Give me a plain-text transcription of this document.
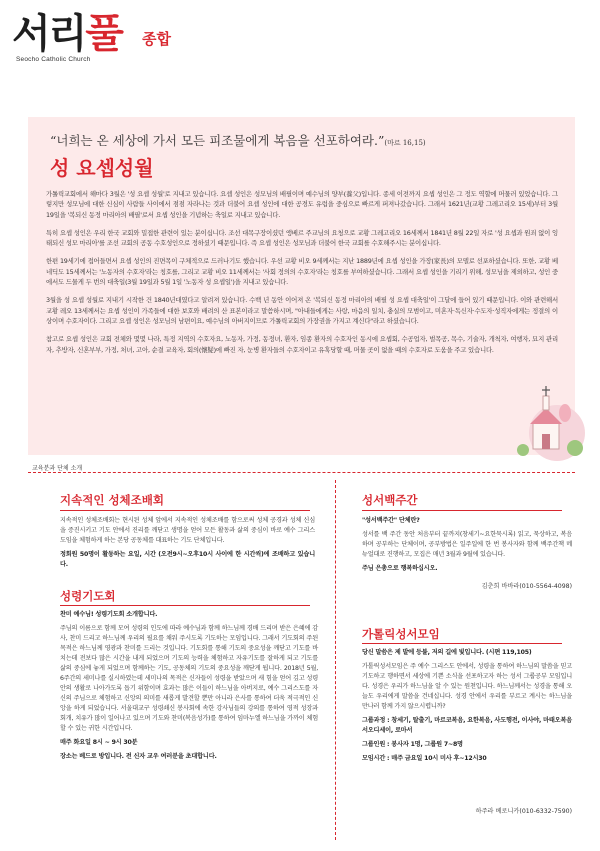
서리풀
Seocho Catholic Church
종합
“너희는 온 세상에 가서 모든 피조물에게 복음을 선포하여라.”(마르 16,15)
성 요셉성월

가톨릭교회에서 해마다 3월은 '성 요셉 성월'로 지내고 있습니다. 요셉 성인은 성모님의 배필이며 예수님의 양부(養父)입니다. 종세 이전까지 요셉 성인은 그 정도 역할에 머물러 있었습니다. 그렇지만 성모님에 대한 신심이 사람들 사이에서 점점 자라나는 것과 더불어 요셉 성인에 대한 공경도 유럽을 중심으로 빠르게 퍼져나갔습니다. 그래서 1621년(교황 그레고리오 15세)부터 3월 19일을 '복되신 동정 마리아의 배필'로서 요셉 성인을 기념하는 축일로 지내고 있습니다.

특히 요셉 성인은 우리 한국 교회와 밀접한 관련이 있는 분이십니다. 조선 대목구장이셨던 앵베르 주교님의 요청으로 교황 그레고리오 16세께서 1841년 8월 22일 자로 '성 요셉과 원죄 없이 잉태되신 성모 마리아'를 조선 교회의 공동 수호성인으로 정하셨기 때문입니다. 즉 요셉 성인은 성모님과 더불어 한국 교회를 수호해주시는 분이십니다.

한편 19세기에 접어들면서 요셉 성인의 진면목이 구체적으로 드러나기도 했습니다. 우선 교황 비오 9세께서는 지난 1889년에 요셉 성인을 가장(家長)의 모델로 선포하셨습니다. 또한, 교황 베네딕도 15세께서는 '노동자의 수호자'라는 칭호를, 그리고 교황 비오 11세께서는 '사회 정의의 수호자'라는 칭호를 부여하셨습니다. 그래서 요셉 성인을 기리기 위해, 성모님을 제외하고, 성인 중에서도 드물게 두 번의 대축일(3월 19일과 5월 1일 '노동자 성 요셉일')을 지내고 있습니다.

3월을 성 요셉 성월로 지내기 시작한 건 1840년대였다고 알려져 있습니다. 수백 년 동안 이어져 온 '복되신 동정 마리아의 배필 성 요셉 대축일'이 그달에 들어 있기 때문입니다. 이와 관련해서 교황 레오 13세께서는 요셉 성인이 가족들에 대한 보호와 배려의 산 표본이라고 말씀하시며, "아내들에게는 사랑, 마음의 일치, 충실의 모범이고, 미혼자·독신자·수도자·성직자에게는 정결의 이상이며 수호자이다. 그리고 요셉 성인은 성모님의 남편이요, 예수님의 아버지이므로 가톨릭교회의 가장권을 가지고 계신다"라고 하셨습니다.

참고로 요셉 성인은 교회 전체와 몇몇 나라, 특정 지역의 수호자요, 노동자, 가정, 동정녀, 환자, 임종 환자의 수호자인 동시에 요셉회, 수공업자, 벌목공, 목수, 기술자, 개척자, 여행자, 묘지 관리자, 추방자, 신혼부부, 가정, 처녀, 고아, 순결 교육자, 회의(懷疑)에 빠진 자, 눈병 환자들의 수호자이고 유혹당할 때, 머물 곳이 없을 때의 수호자로 도움을 주고 있습니다.

교육분과 단체 소개
지속적인 성체조배회

지속적인 성체조배회는 현시된 성체 앞에서 지속적인 성체조배를 함으로써 성체 공경과 성체 신심을 증진시키고 기도 안에서 진리를 깨닫고 생명을 얻어 모든 활동과 삶의 중심이 바로 예수 그리스도임을 체험하게 하는 본당 공동체를 대표하는 기도 단체입니다.

정회원 50명이 활동하는 요일, 시간 (오전9시~오후10시 사이에 한 시간씩)에 조배하고 있습니다.

성령기도회

찬미 예수님! 성령기도회 소개합니다.

주님의 이름으로 함께 모여 성령의 인도에 따라 예수님과 함께 하느님께 경배 드리며 받은 은혜에 감사, 찬미 드리고 하느님께 우리의 필요를 채워 주시도록 기도하는 모임입니다. 그래서 기도회의 주된 목적은 하느님께 영광과 찬미를 드리는 것입니다. 기도회를 통해 기도의 중요성을 깨닫고 기도를 바치는데 전보다 많은 시간을 내게 되었으며 기도의 능력을 체험하고 자유기도를 잘하게 되고 기도를 삶의 중심에 놓게 되었으며 함께하는 기도, 공동체의 기도의 중요성을 깨닫게 됩니다. 2018년 5월, 6주간의 세미나를 실시하였는데 세미나의 목적은 신자들이 성령을 받았으며 새 힘을 얻어 깊고 성령 안의 생활로 나아가도록 돕기 위함이며 효과는 많은 이들이 하느님을 아버지로, 예수 그리스도를 자신의 주님으로 체험하고 신앙의 의미를 새롭게 발견할 뿐만 아니라 은사를 통하여 더욱 적극적인 신앙을 하게 되었습니다. 서울대교구 성령쇄신 봉사회에 속한 강사님들의 강의를 통하여 영적 성장과 회개, 치유가 많이 일어나고 있으며 기도와 찬미(복음성가)를 통하여 임마누엘 하느님을 가까이 체험할 수 있는 귀한 시간입니다.

매주 화요일 8시 ~ 9시 30분

장소는 베드로 방입니다. 전 신자 교우 여러분을 초대합니다.

성서백주간

"성서백주간" 단체란?

성서를 백 주간 동안 처음부터 끝까지(창세기~요한묵시록) 읽고, 묵상하고, 복음하며 공부하는 단체이며, 공부방법은 일주일에 한 번 봉사자와 함께 백주간책 메뉴얼대로 진행하고, 모집은 매년 3월과 9월에 있습니다.

주님 은총으로 행복하십시오.

김춘희 바바라(010-5564-4098)
가톨릭성서모임

당신 말씀은 제 발에 등불, 저의 길에 빛입니다. (시편 119,105)

가톨릭성서모임은 주 예수 그리스도 안에서, 성령을 통하여 하느님의 말씀을 믿고 기도하고 행하면서 세상에 기쁜 소식을 선포하고자 하는 성서 그룹공부 모임입니다. 성경은 우리가 하느님을 알 수 있는 원천입니다. 하느님께서는 성경을 통해 오늘도 우리에게 말씀을 건네십니다. 성경 안에서 우리를 부르고 계시는 하느님을 만나러 함께 가지 않으시렵니까?

그룹과정 : 창세기, 탈출기, 마르코복음, 요한복음, 사도행전, 이사야, 마태오복음서오디세이, 로마서

그룹인원 : 봉사자 1명, 그룹원 7~8명

모임시간 : 매주 금요일 10시 미사 후~12시30

하주라 베로니카(010-6332-7590)
